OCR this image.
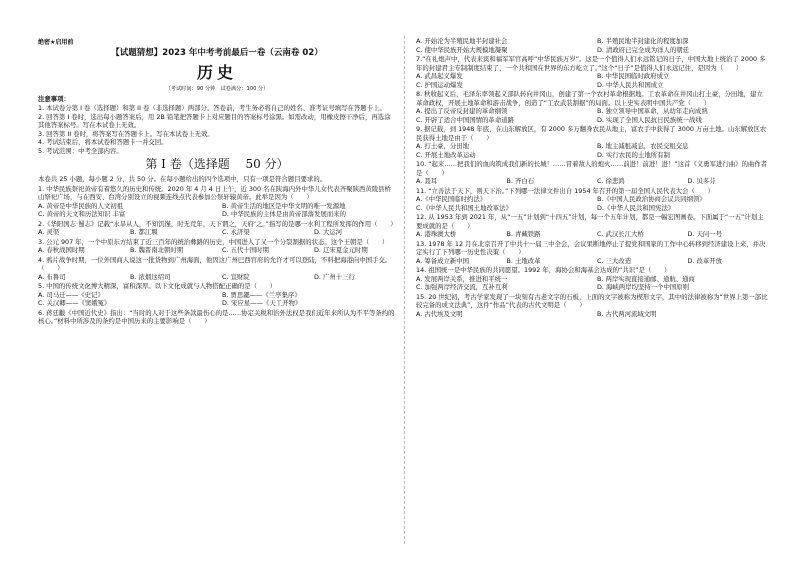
绝密★启用前
【试题猜想】2023 年中考考前最后一卷（云南卷 02）
历史
（考试时间：90 分钟　试卷满分：100 分）

注意事项：

1. 本试卷分第 I 卷（选择题）和第 II 卷（非选择题）两部分。答卷前，考生务必将自己的姓名、准考证号填写在答题卡上。

2. 回答第 I 卷时，选出每小题答案后，用 2B 铅笔把答题卡上对应题目的答案标号涂黑。如需改动，用橡皮擦干净后，再选涂其他答案标号。写在本试卷上无效。

3. 回答第 II 卷时，将答案写在答题卡上。写在本试卷上无效。

4. 考试结束后，将本试卷和答题卡一并交回。

5. 考试范围：中考全部内容。

第 I 卷（选择题　 50 分）

本卷共 25 小题，每小题 2 分，共 50 分。在每小题给出的四个选项中，只有一项是符合题目要求的。

1. 中华民族祭祀黄帝有着悠久的历史和传统。2020 年 4 月 4 日上午，近 300 名在陕海内外中华儿女代表齐聚陕西黄陵县桥山祭祀广场，与在西安、台湾分别设立的视频连线点代表参加公祭轩辕黄帝。此举是因为（　　）

A. 黄帝是中华民族的人文初祖	B. 黄帝生活的地区是中华文明的唯一发源地
C. 黄帝的天文和历法知识 丰富	D. 中华民族的主体是由黄帝部落发展而来的

2.《华阳国志·蜀志》记载“水旱从人，不知饥馑，时无荒年，天下谓之，天府’之。”指写的是哪一水利工程所发挥的作用（　　）

A. 灵渠	B. 都江堰	C. 永济渠	D. 大运河

3. 公元 907 年，一个中原东方结束了近三百年的统治彝路的历史，中国进入了又一个分裂割据的状态。这个王朝是（　　）

A. 春秋战国时期	B. 魏晋南北朝时期	C. 五代十国时期	D. 辽宋夏金元时期

4. 鸦片战争时期，一位外国商人说这一批货物到广州海面，他因这广州巴西官府的允许才可以登陆，不料把海港向中国手交。（　　）

A. 布鲁司	B. 浓烟这绍司	C. 宣财院	D. 广州十三行

5. 中国的传统文化博大精深，富积深厚。以下文化成就与人物搭配正确的是（　　）

A. 司马迁——《史记》	B. 贾思勰——《兰亭集序》
C. 关汉卿——《窦娥冤》	D. 宋应星——《天工开物》

6. 蒋廷黻《中国近代史》指出：“当时的人对于这些条款最伤心的是……协定关税和治外法权是我们近年来所认为不平等条约的核心。”材料中所涉及的条约是中国历来的主要影响是（　　）

A. 开始沦为半殖民地半封建社会	B. 半殖民地半封建化的程度加深
C. 使中华民族开始大规模地凝聚	D. 清政府已完全成为洋人的朝廷

7.“在礼炮声中，代表来宾和福军军官高呼“中华民族万岁”。这是一个值得人们永远铭记的日子，中国大地上统治了 2000 多年的封建君主专制制度结束了，一个共和国在世界的东方屹立了。”这个“日子”是值得人们永远记住，是因为（　　）

A. 武昌起义爆发	B. 中华民国临时政府成立
C. 护国运动爆发	D. 中华人民共和国成立

8. 秋收起义后，毛泽东率领起义部队转向井冈山，创建了第一个农村革命根据地。工农革命在井冈山打土豪，分田地，建立革命政权，开展土地革命和游击战争，创造了“工农武装割据”的局面。以上史实表明中国共产党（　　）

A. 提出了反帝反封建的革命纲领	B. 独立领导中国革命，从幼年走向成熟
C. 开辟了适合中国国情的革命道路	D. 实现了全国人民抗日民族统一战线

9. 据记载，到 1948 年底，在山东解放区，有 2000 多万翻身农民从地主，富农手中获得了 3000 万亩土地。山东解放区农民获得土地是由于（　　）

A. 打土豪，分田地	B. 地主减租减息，农民交租交息
C. 开展土地改革运动	D. 实行农民的土地所有制

10. “起来……把我们的血肉筑成我们新的长城！……冒着敌人的炮火……前进！前进！进！”这首《义勇军进行曲》的曲作者是（　　）

A. 聂耳	B. 齐白石	C. 徐悲鸿	D. 贝多芬

11. “立善法于天下，则天下治。”下列哪一法律文件出自 1954 年召开的第一届全国人民代表大会（　　）

A.《中华民国临时约法》	B.《中国人民政治协商会议共同纲领》
C.《中华人民共和国土地改革法》	D.《中华人民共和国宪法》

12. 从 1953 年到 2021 年，从“一五”计划到“十四五”计划，每一个五年计划，都是一幅宏图画卷。下面属于“一五”计划主要成就的是（　　）

A. 港珠澳大桥	B. 青藏铁路	C. 武汉长江大桥	D. 天问一号

13. 1978 年 12 月在北京召开了中共十一届三中全会，会议果断地停止了提党和国家的工作中心转移到经济建设上来，并决定实行了下列哪一历史性决策（　　）

A. 筹备成立新中国	B. 土地改革	C. 三大改造	D. 改革开放

14. 祖国统一是中华民族的共同愿望。1992 年，海协会和海基会达成的“共识”是（　　）

A. 发展两岸关系，推进和平统一	B. 两岸实现直接通邮、通航、通商
C. 加强两岸经济交流，互补互利	D. 海峡两岸均坚持一个中国原则

15. 20 世纪初，考古学家发现了一块刻有古老文字的石板，上面的文字被称为楔形文字，其中的法律被称为“世界上第一部比较完备的成文法典”，这件“作品”代表的古代文明是（　　）

A. 古代埃及文明	B. 古代两河流域文明
